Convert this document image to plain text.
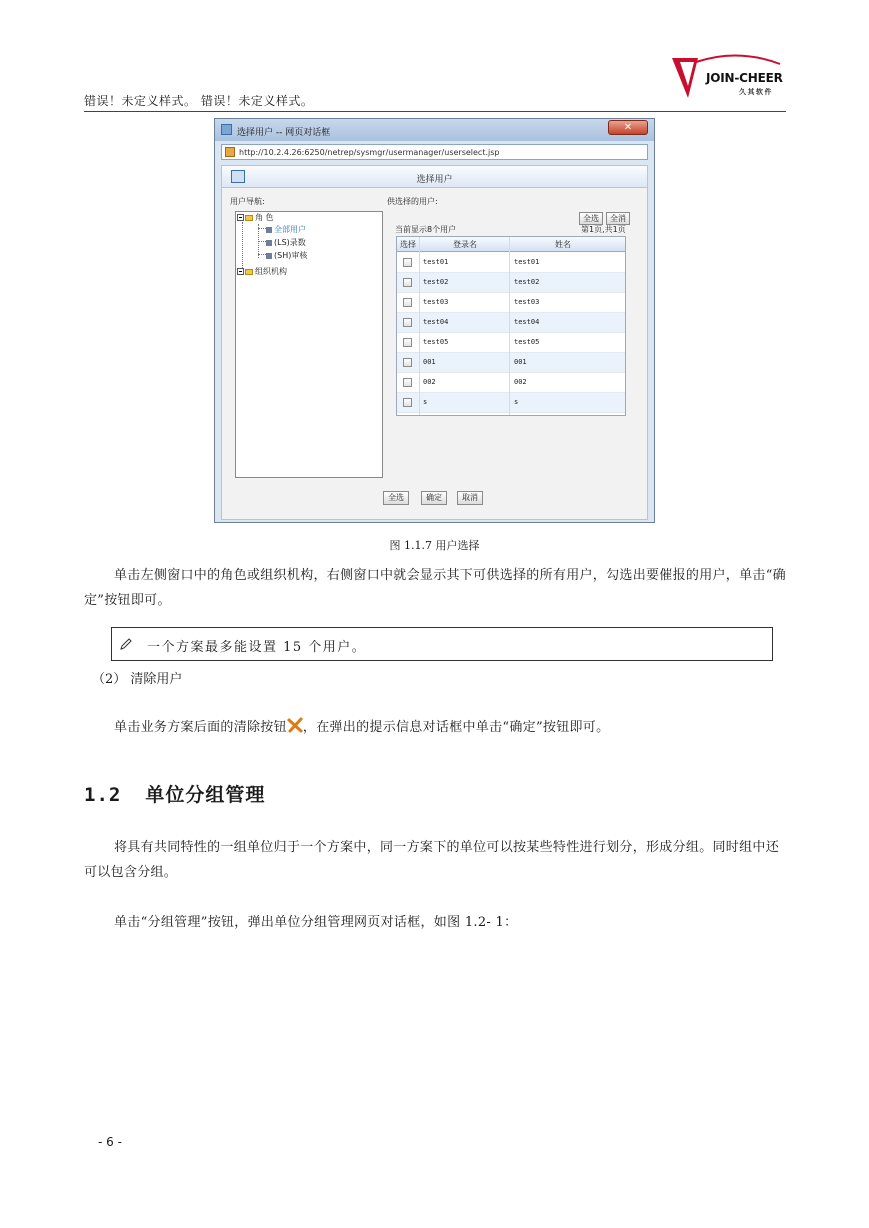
错误！未定义样式。 错误！未定义样式。
JOIN-CHEER
久其软件
选择用户 -- 网页对话框	✕
http://10.2.4.26:6250/netrep/sysmgr/usermanager/userselect.jsp
选择用户
用户导航:	供选择的用户:
角 色
全部用户
(LS)录数
(SH)审核
组织机构
全选	全消
当前显示8个用户	第1页,共1页
选择	登录名	姓名
test01	test01
test02	test02
test03	test03
test04	test04
test05	test05
001	001
002	002
s	s
全选	确定	取消
图 1.1.7 用户选择
单击左侧窗口中的角色或组织机构，右侧窗口中就会显示其下可供选择的所有用户，勾选出要催报的用户，单击“确定”按钮即可。
一个方案最多能设置 15 个用户。
（2） 清除用户
单击业务方案后面的清除按钮 ，在弹出的提示信息对话框中单击“确定”按钮即可。
1.2 单位分组管理
将具有共同特性的一组单位归于一个方案中，同一方案下的单位可以按某些特性进行划分，形成分组。同时组中还可以包含分组。
单击“分组管理”按钮，弹出单位分组管理网页对话框，如图 1.2- 1：
- 6 -
